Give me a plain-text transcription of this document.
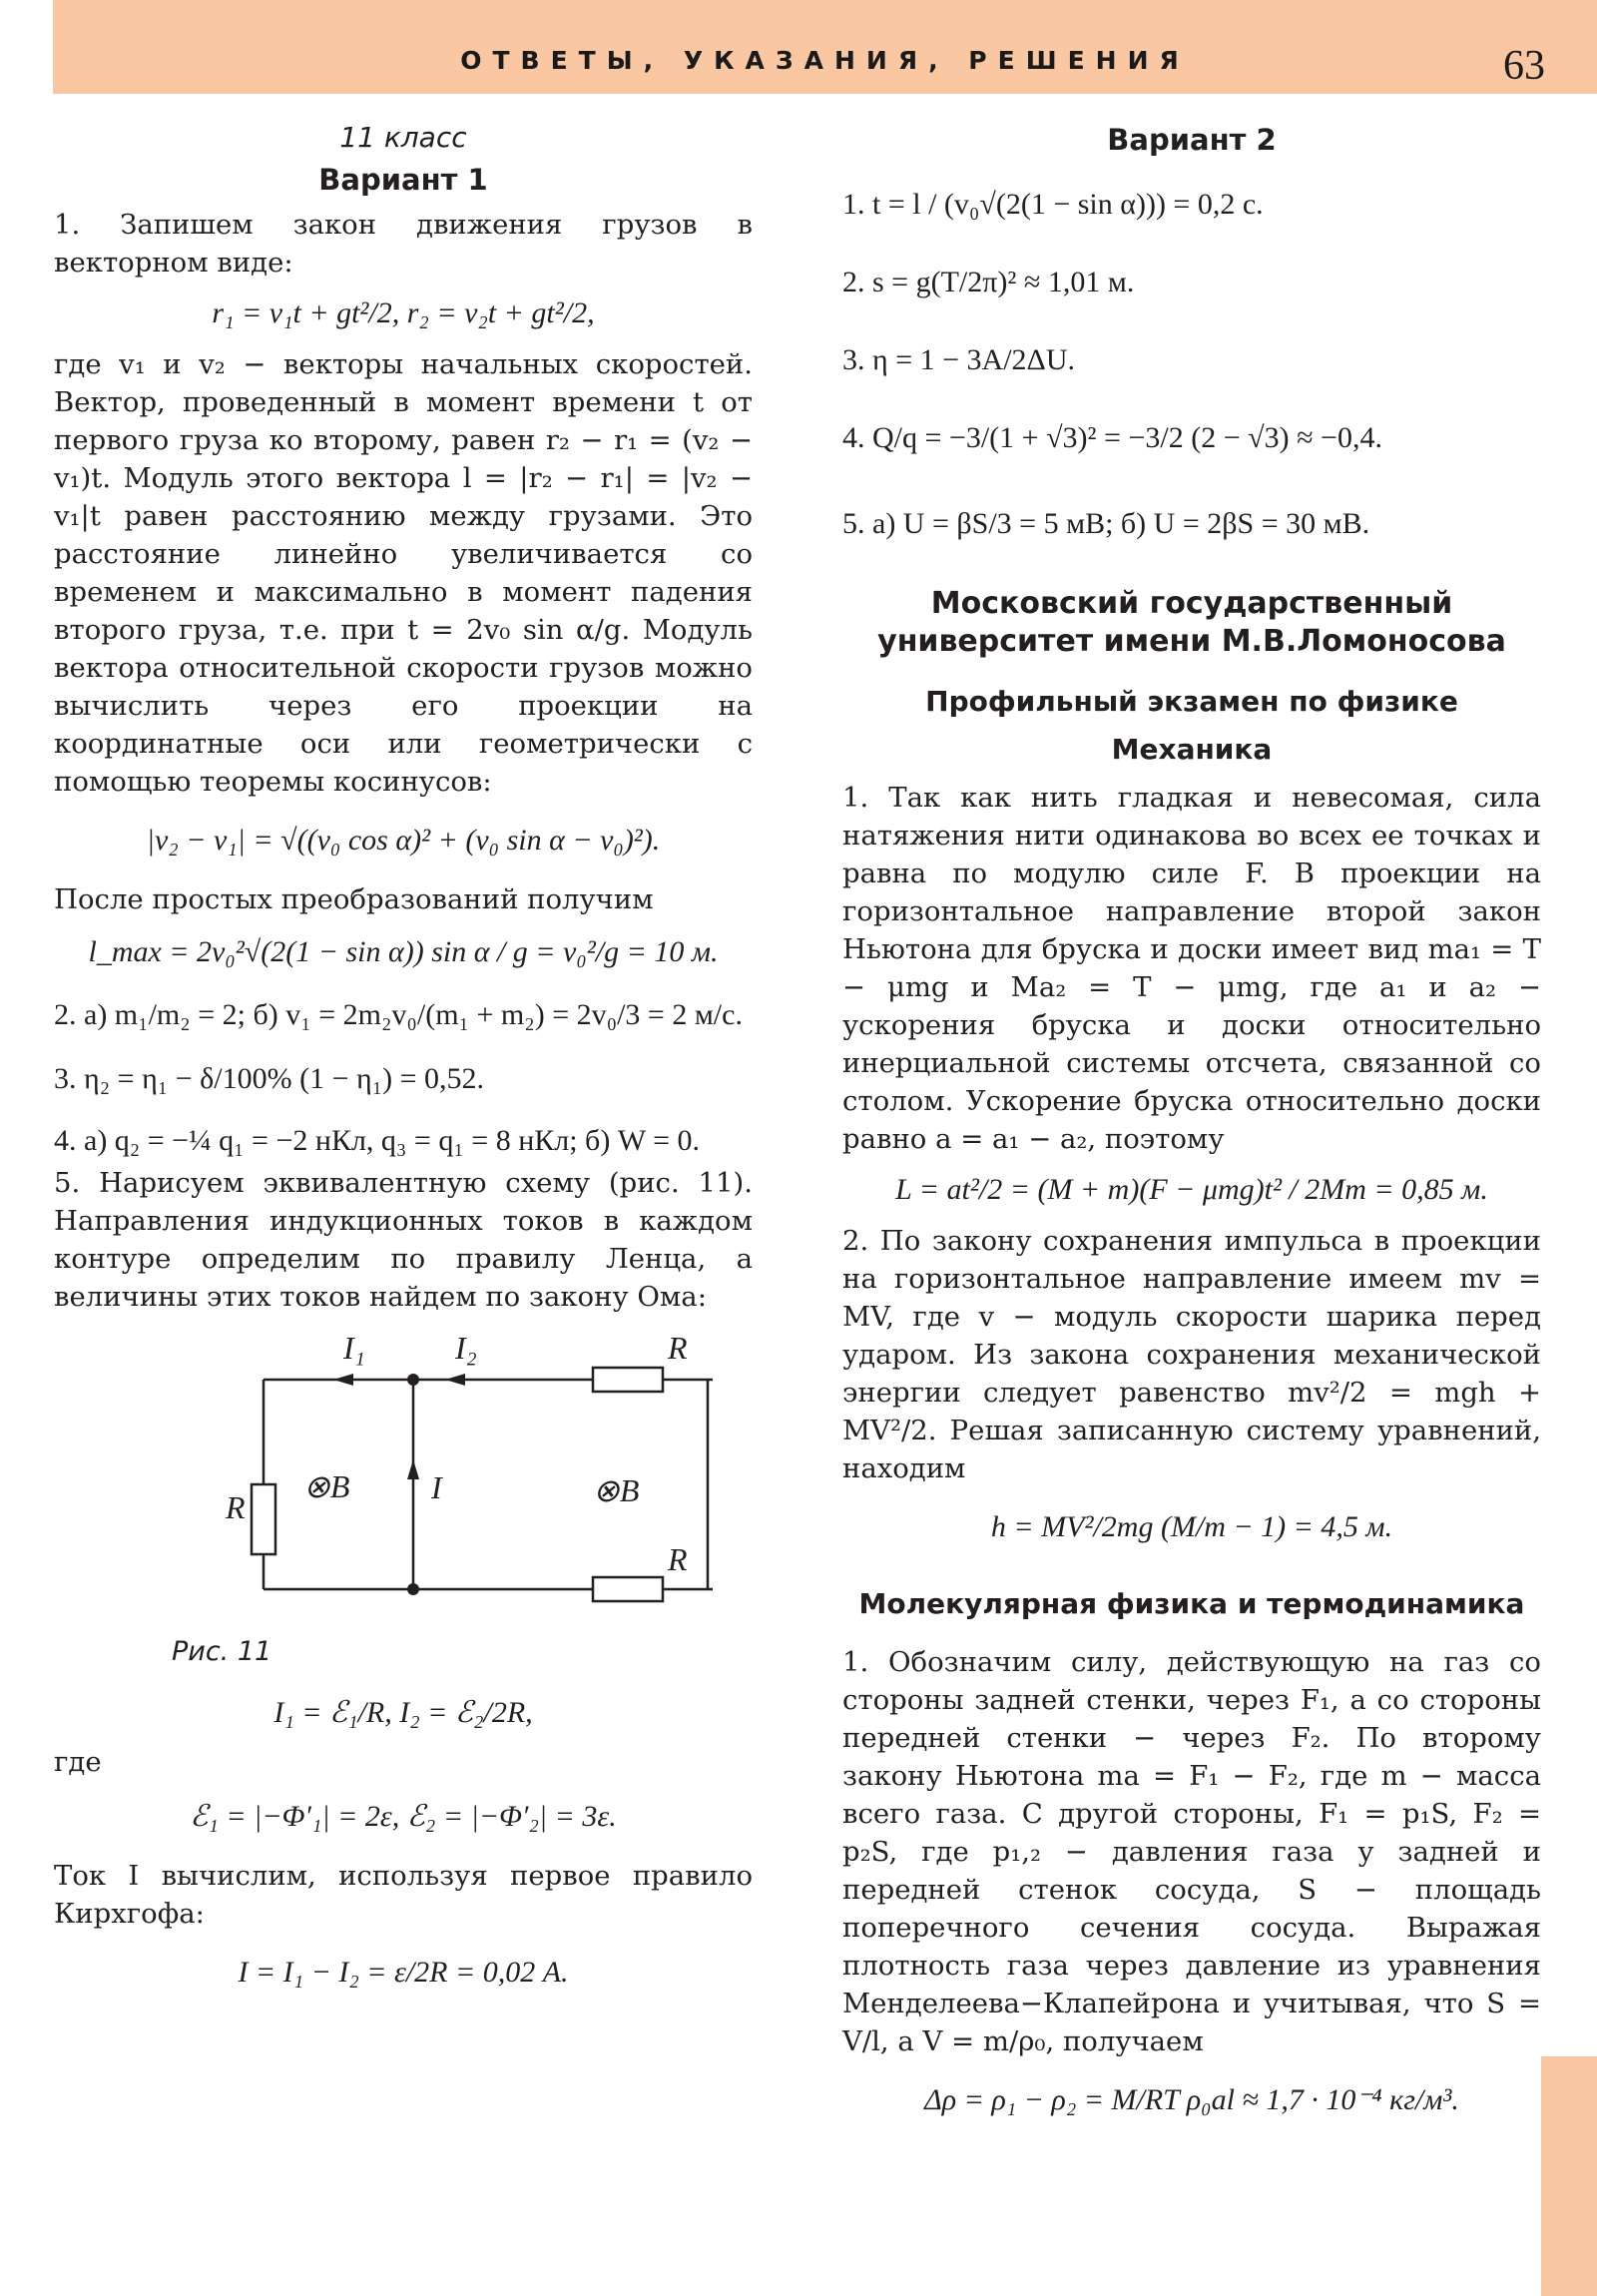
ОТВЕТЫ, УКАЗАНИЯ, РЕШЕНИЯ	63

11 класс

Вариант 1

1. Запишем закон движения грузов в векторном виде:

r₁ = v₁t + gt²/2, r₂ = v₂t + gt²/2,

где v₁ и v₂ − векторы начальных скоростей. Вектор, проведенный в момент времени t от первого груза ко второму, равен r₂ − r₁ = (v₂ − v₁)t. Модуль этого вектора l = |r₂ − r₁| = |v₂ − v₁|t равен расстоянию между грузами. Это расстояние линейно увеличивается со временем и максимально в момент падения второго груза, т.е. при t = 2v₀ sin α/g. Модуль вектора относительной скорости грузов можно вычислить через его проекции на координатные оси или геометрически с помощью теоремы косинусов:

|v₂ − v₁| = √((v₀ cos α)² + (v₀ sin α − v₀)²).

После простых преобразований получим

l_max = 2v₀²√(2(1 − sin α)) sin α / g = v₀²/g = 10 м.

2. а) m₁/m₂ = 2; б) v₁ = 2m₂v₀/(m₁ + m₂) = 2v₀/3 = 2 м/с.

3. η₂ = η₁ − δ/100% (1 − η₁) = 0,52.

4. а) q₂ = −¼ q₁ = −2 нКл, q₃ = q₁ = 8 нКл; б) W = 0.

5. Нарисуем эквивалентную схему (рис. 11). Направления индукционных токов в каждом контуре определим по правилу Ленца, а величины этих токов найдем по закону Ома:

I₁	I₂	R
R
R
I
⊗B	⊗B

Рис. 11

I₁ = ℰ₁/R, I₂ = ℰ₂/2R,

где

ℰ₁ = |−Φ′₁| = 2ε, ℰ₂ = |−Φ′₂| = 3ε.

Ток I вычислим, используя первое правило Кирхгофа:

I = I₁ − I₂ = ε/2R = 0,02 А.

Вариант 2

1. t = l / (v₀√(2(1 − sin α))) = 0,2 с.

2. s = g(T/2π)² ≈ 1,01 м.

3. η = 1 − 3A/2ΔU.

4. Q/q = −3/(1 + √3)² = −3/2 (2 − √3) ≈ −0,4.

5. а) U = βS/3 = 5 мВ; б) U = 2βS = 30 мВ.

Московский государственный

университет имени М.В.Ломоносова

Профильный экзамен по физике

Механика

1. Так как нить гладкая и невесомая, сила натяжения нити одинакова во всех ее точках и равна по модулю силе F. В проекции на горизонтальное направление второй закон Ньютона для бруска и доски имеет вид ma₁ = T − μmg и Ma₂ = T − μmg, где a₁ и a₂ − ускорения бруска и доски относительно инерциальной системы отсчета, связанной со столом. Ускорение бруска относительно доски равно a = a₁ − a₂, поэтому

L = at²/2 = (M + m)(F − μmg)t² / 2Mm = 0,85 м.

2. По закону сохранения импульса в проекции на горизонтальное направление имеем mv = MV, где v − модуль скорости шарика перед ударом. Из закона сохранения механической энергии следует равенство mv²/2 = mgh + MV²/2. Решая записанную систему уравнений, находим

h = MV²/2mg (M/m − 1) = 4,5 м.

Молекулярная физика и термодинамика

1. Обозначим силу, действующую на газ со стороны задней стенки, через F₁, а со стороны передней стенки − через F₂. По второму закону Ньютона ma = F₁ − F₂, где m − масса всего газа. С другой стороны, F₁ = p₁S, F₂ = p₂S, где p₁,₂ − давления газа у задней и передней стенок сосуда, S − площадь поперечного сечения сосуда. Выражая плотность газа через давление из уравнения Менделеева−Клапейрона и учитывая, что S = V/l, а V = m/ρ₀, получаем

Δρ = ρ₁ − ρ₂ = M/RT ρ₀al ≈ 1,7 · 10⁻⁴ кг/м³.
